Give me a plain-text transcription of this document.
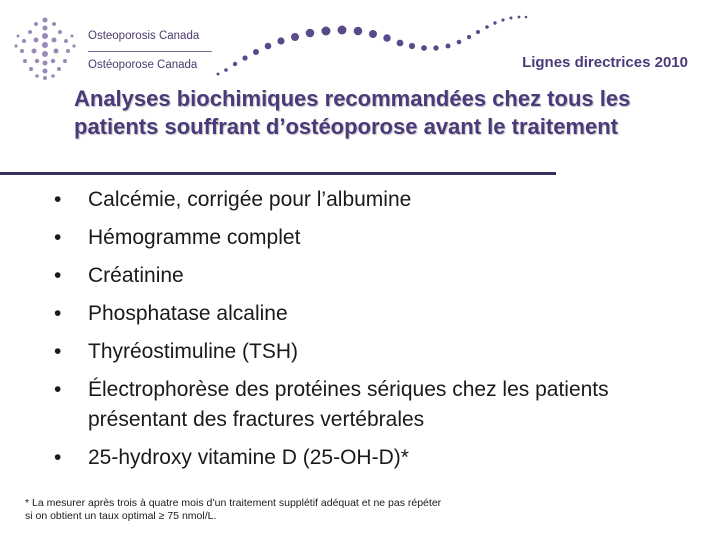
Osteoporosis Canada
Ostéoporose Canada	Lignes directrices 2010
Analyses biochimiques recommandées chez tous les patients souffrant d’ostéoporose avant le traitement
•	Calcémie, corrigée pour l’albumine
•	Hémogramme complet
•	Créatinine
•	Phosphatase alcaline
•	Thyréostimuline (TSH)
•	Électrophorèse des protéines sériques chez les patients présentant des fractures vertébrales
•	25-hydroxy vitamine D (25-OH-D)*
* La mesurer après trois à quatre mois d’un traitement supplétif adéquat et ne pas répéter si on obtient un taux optimal ≥ 75 nmol/L.
